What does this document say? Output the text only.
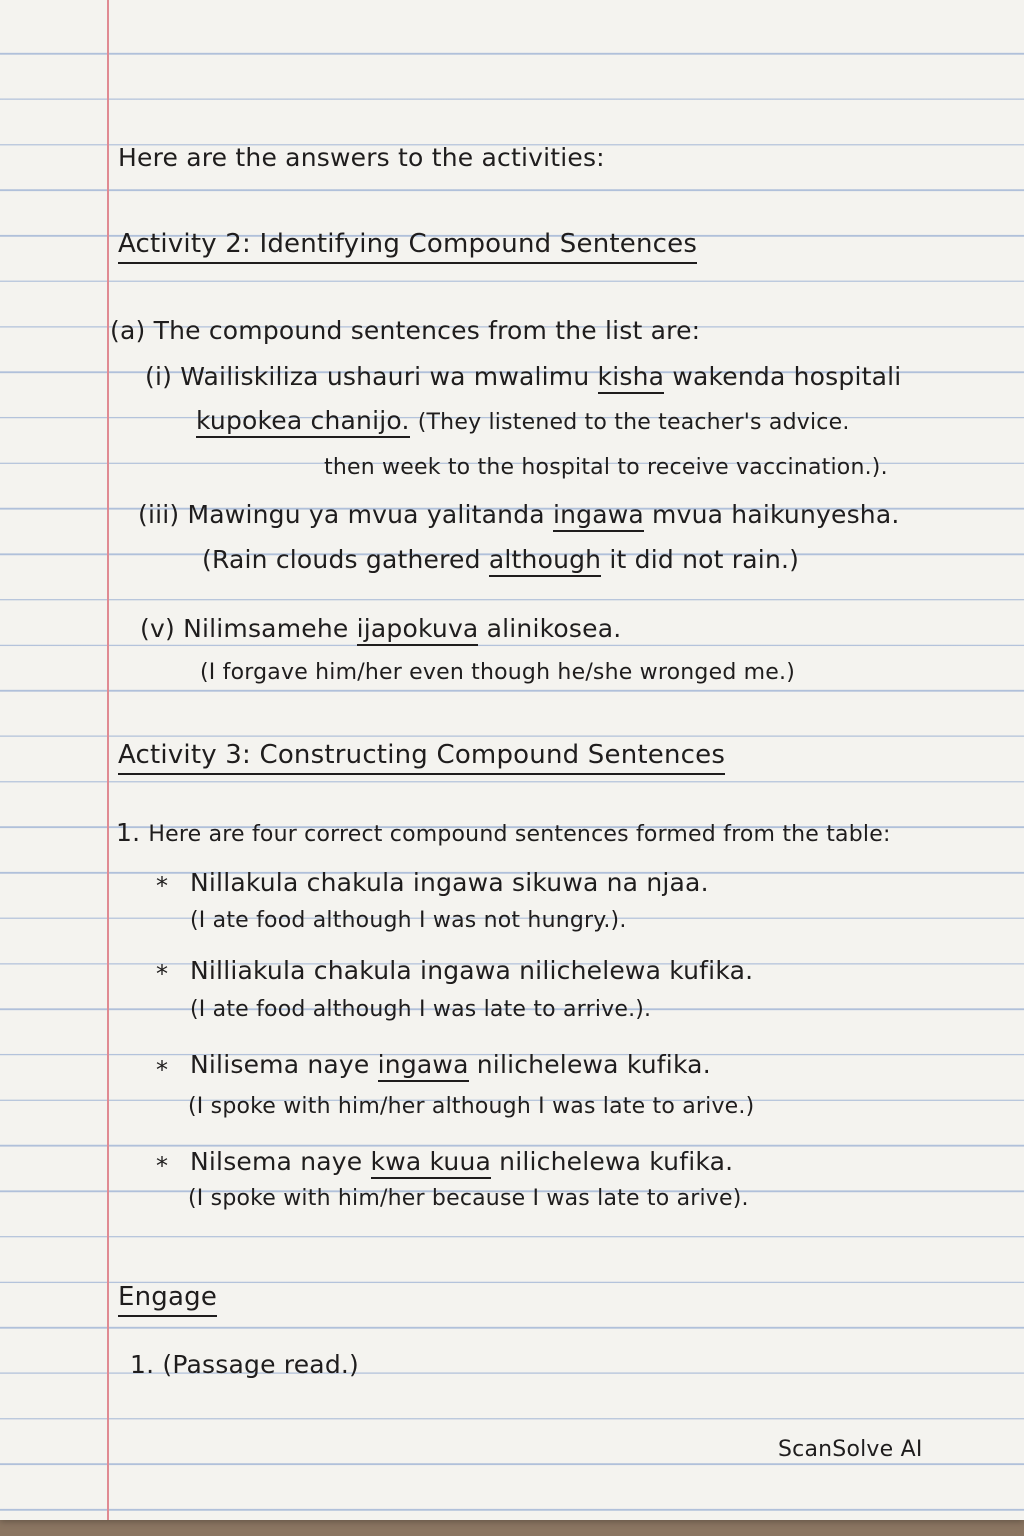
Here are the answers to the activities:
Activity 2: Identifying Compound Sentences
(a) The compound sentences from the list are:
(i) Wailiskiliza ushauri wa mwalimu kisha wakenda hospitali
kupokea chanijo. (They listened to the teacher's advice.
then week to the hospital to receive vaccination.).
(iii) Mawingu ya mvua yalitanda ingawa mvua haikunyesha.
(Rain clouds gathered although it did not rain.)
(v) Nilimsamehe ijapokuva alinikosea.
(I forgave him/her even though he/she wronged me.)
Activity 3: Constructing Compound Sentences
1. Here are four correct compound sentences formed from the table:
* Nillakula chakula ingawa sikuwa na njaa.
(I ate food although I was not hungry.).
* Nilliakula chakula ingawa nilichelewa kufika.
(I ate food although I was late to arrive.).
* Nilisema naye ingawa nilichelewa kufika.
(I spoke with him/her although I was late to arive.)
* Nilsema naye kwa kuua nilichelewa kufika.
(I spoke with him/her because I was late to arive).
Engage
1. (Passage read.)
ScanSolve AI
